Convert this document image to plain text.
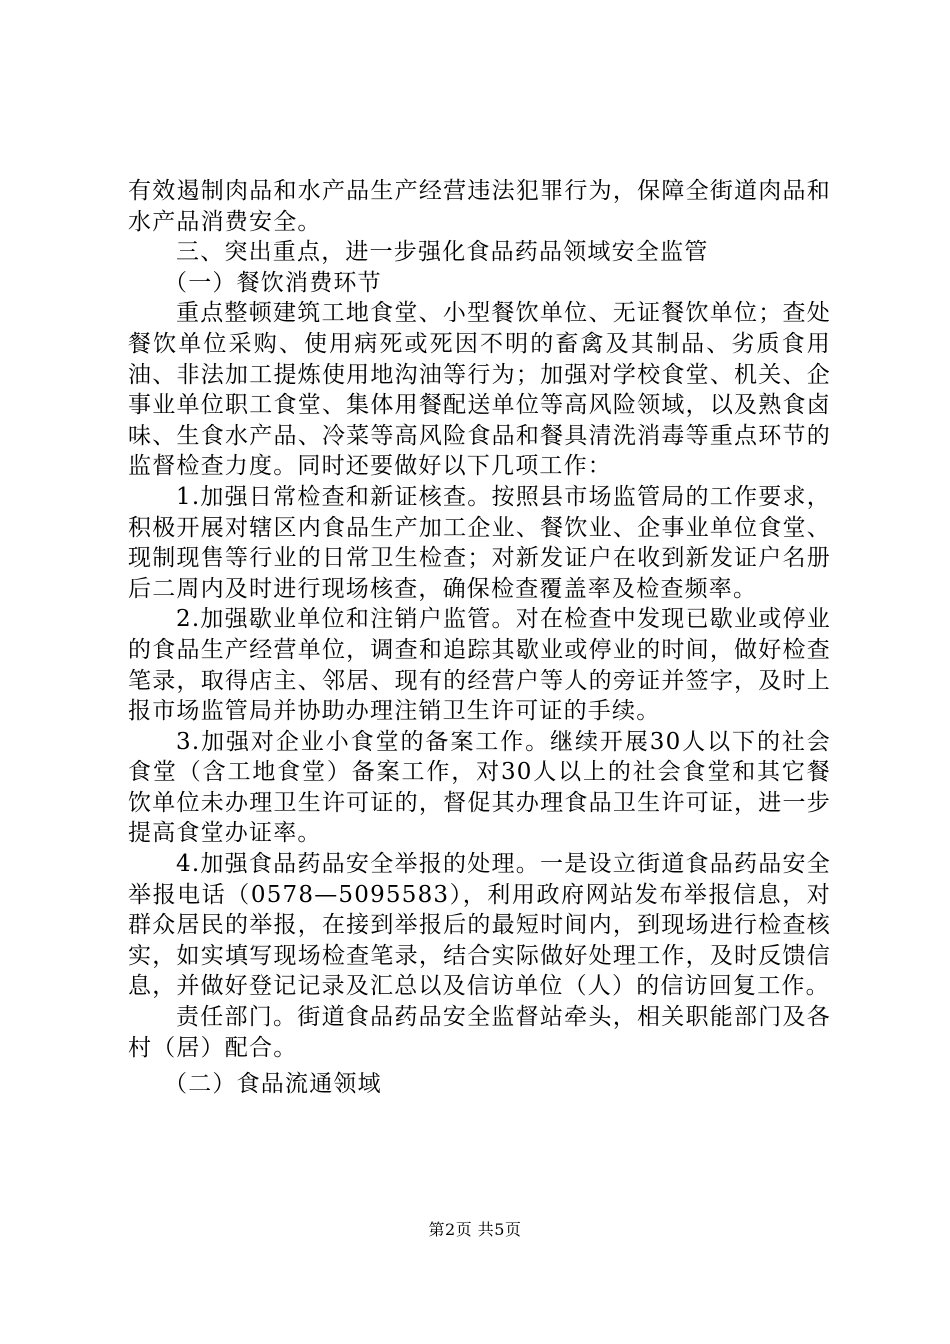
有效遏制肉品和水产品生产经营违法犯罪行为，保障全街道肉品和水产品消费安全。

三、突出重点，进一步强化食品药品领域安全监管

（一）餐饮消费环节

重点整顿建筑工地食堂、小型餐饮单位、无证餐饮单位；查处餐饮单位采购、使用病死或死因不明的畜禽及其制品、劣质食用油、非法加工提炼使用地沟油等行为；加强对学校食堂、机关、企事业单位职工食堂、集体用餐配送单位等高风险领域，以及熟食卤味、生食水产品、冷菜等高风险食品和餐具清洗消毒等重点环节的监督检查力度。同时还要做好以下几项工作：

1.加强日常检查和新证核查。按照县市场监管局的工作要求，积极开展对辖区内食品生产加工企业、餐饮业、企事业单位食堂、现制现售等行业的日常卫生检查；对新发证户在收到新发证户名册后二周内及时进行现场核查，确保检查覆盖率及检查频率。

2.加强歇业单位和注销户监管。对在检查中发现已歇业或停业的食品生产经营单位，调查和追踪其歇业或停业的时间，做好检查笔录，取得店主、邻居、现有的经营户等人的旁证并签字，及时上报市场监管局并协助办理注销卫生许可证的手续。

3.加强对企业小食堂的备案工作。继续开展30人以下的社会食堂（含工地食堂）备案工作，对30人以上的社会食堂和其它餐饮单位未办理卫生许可证的，督促其办理食品卫生许可证，进一步提高食堂办证率。

4.加强食品药品安全举报的处理。一是设立街道食品药品安全举报电话（0578—5095583），利用政府网站发布举报信息，对群众居民的举报，在接到举报后的最短时间内，到现场进行检查核实，如实填写现场检查笔录，结合实际做好处理工作，及时反馈信息，并做好登记记录及汇总以及信访单位（人）的信访回复工作。

责任部门。街道食品药品安全监督站牵头，相关职能部门及各村（居）配合。

（二）食品流通领域

第2页 共5页
